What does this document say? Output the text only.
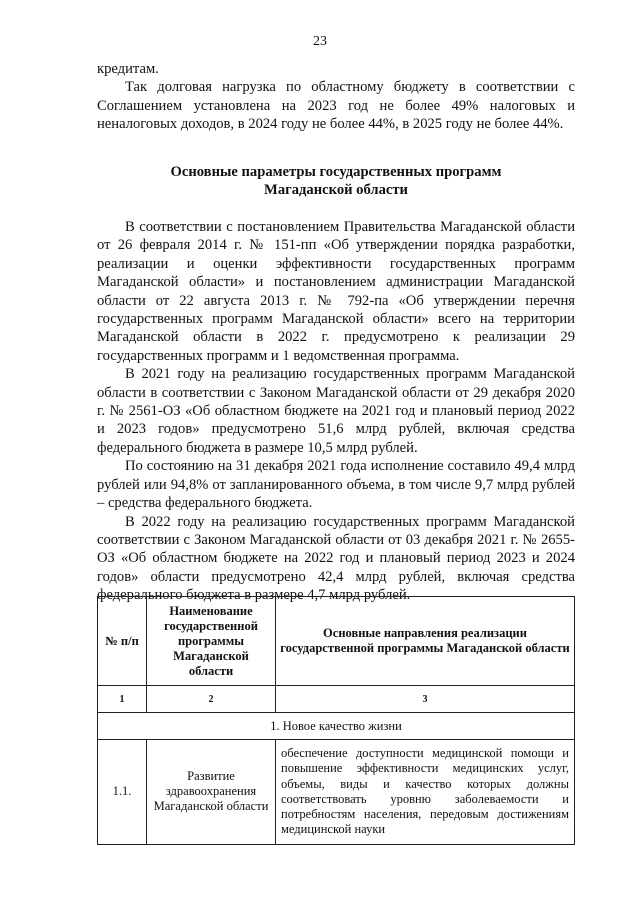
23

кредитам.

Так долговая нагрузка по областному бюджету в соответствии с Соглашением установлена на 2023 год не более 49% налоговых и неналоговых доходов, в 2024 году не более 44%, в 2025 году не более 44%.

Основные параметры государственных программ
Магаданской области

В соответствии с постановлением Правительства Магаданской области от 26 февраля 2014 г. № 151-пп «Об утверждении порядка разработки, реализации и оценки эффективности государственных программ Магаданской области» и постановлением администрации Магаданской области от 22 августа 2013 г. № 792-па «Об утверждении перечня государственных программ Магаданской области» всего на территории Магаданской области в 2022 г. предусмотрено к реализации 29 государственных программ и 1 ведомственная программа.

В 2021 году на реализацию государственных программ Магаданской области в соответствии с Законом Магаданской области от 29 декабря 2020 г. № 2561-ОЗ «Об областном бюджете на 2021 год и плановый период 2022 и 2023 годов» предусмотрено 51,6 млрд рублей, включая средства федерального бюджета в размере 10,5 млрд рублей.

По состоянию на 31 декабря 2021 года исполнение составило 49,4 млрд рублей или 94,8% от запланированного объема, в том числе 9,7 млрд рублей – средства федерального бюджета.

В 2022 году на реализацию государственных программ Магаданской соответствии с Законом Магаданской области от 03 декабря 2021 г. № 2655-ОЗ «Об областном бюджете на 2022 год и плановый период 2023 и 2024 годов» области предусмотрено 42,4 млрд рублей, включая средства федерального бюджета в размере 4,7 млрд рублей.

№ п/п	Наименование государственной программы Магаданской области	Основные направления реализации государственной программы Магаданской области
1	2	3
1. Новое качество жизни		
1.1.	Развитие здравоохранения Магаданской области	обеспечение доступности медицинской помощи и повышение эффективности медицинских услуг, объемы, виды и качество которых должны соответствовать уровню заболеваемости и потребностям населения, передовым достижениям медицинской науки
